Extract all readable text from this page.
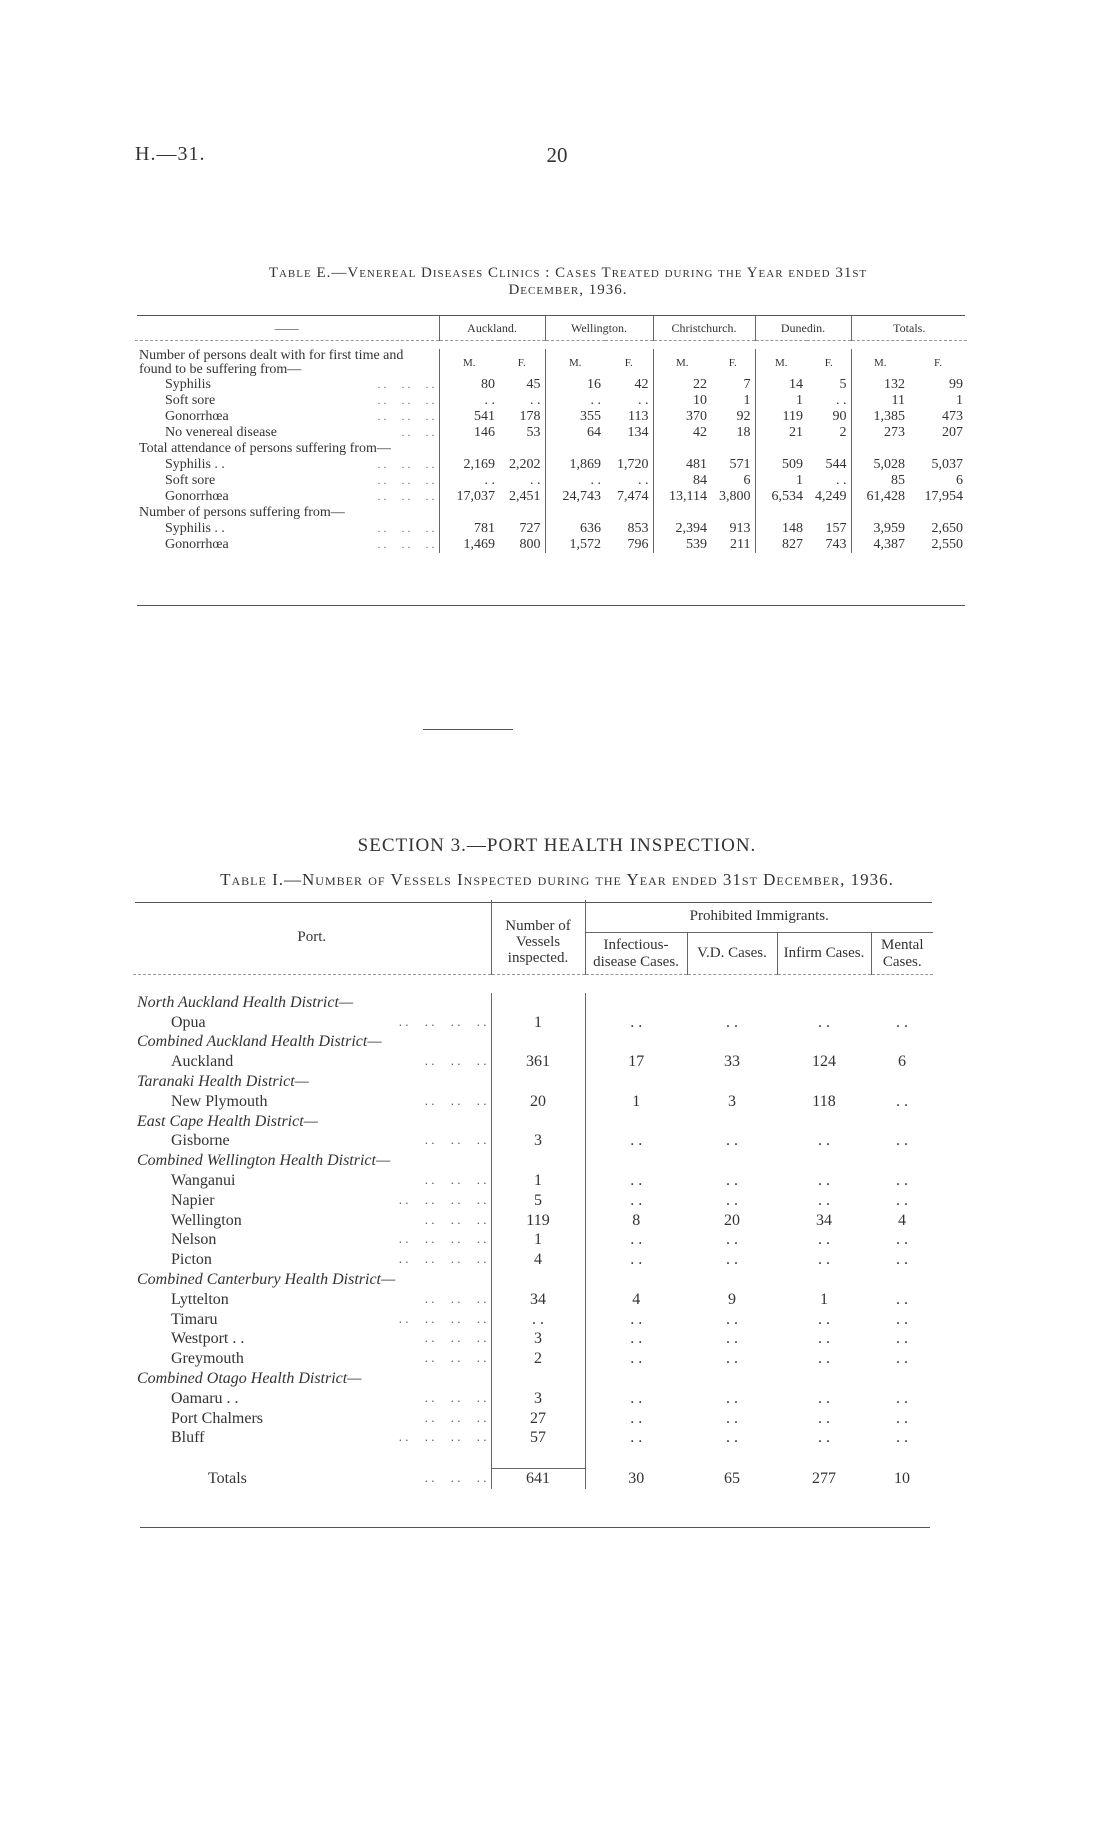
H.—31.	20
Table E.—Venereal Diseases Clinics : Cases Treated during the Year ended 31st
December, 1936.
——	Auckland.		Wellington.		Christchurch.		Dunedin.		Totals.	

Number of persons dealt with for first time and found to be suffering from—	M.	F.	M.	F.	M.	F.	M.	F.	M.	F.
Syphilis . .     . .     . .	80	45	16	42	22	7	14	5	132	99
Soft sore . .     . .     . .	. .	. .	. .	. .	10	1	1	. .	11	1
Gonorrhœa . .     . .     . .	541	178	355	113	370	92	119	90	1,385	473
No venereal disease . .     . .	146	53	64	134	42	18	21	2	273	207
Total attendance of persons suffering from—										
Syphilis . . . .     . .     . .	2,169	2,202	1,869	1,720	481	571	509	544	5,028	5,037
Soft sore . .     . .     . .	. .	. .	. .	. .	84	6	1	. .	85	6
Gonorrhœa . .     . .     . .	17,037	2,451	24,743	7,474	13,114	3,800	6,534	4,249	61,428	17,954
Number of persons suffering from—										
Syphilis . . . .     . .     . .	781	727	636	853	2,394	913	148	157	3,959	2,650
Gonorrhœa . .     . .     . .	1,469	800	1,572	796	539	211	827	743	4,387	2,550
SECTION 3.—PORT HEALTH INSPECTION.
Table I.—Number of Vessels Inspected during the Year ended 31st December, 1936.
Port.	Number of Vessels inspected.	Prohibited Immigrants.			
		Infectious-disease Cases.	V.D. Cases.	Infirm Cases.	Mental Cases.

North Auckland Health District—					
Opua . .     . .     . .     . .	1	. .	. .	. .	. .
Combined Auckland Health District—					
Auckland . .     . .     . .	361	17	33	124	6
Taranaki Health District—					
New Plymouth . .     . .     . .	20	1	3	118	. .
East Cape Health District—					
Gisborne . .     . .     . .	3	. .	. .	. .	. .
Combined Wellington Health District—					
Wanganui . .     . .     . .	1	. .	. .	. .	. .
Napier . .     . .     . .     . .	5	. .	. .	. .	. .
Wellington . .     . .     . .	119	8	20	34	4
Nelson . .     . .     . .     . .	1	. .	. .	. .	. .
Picton . .     . .     . .     . .	4	. .	. .	. .	. .
Combined Canterbury Health District—					
Lyttelton . .     . .     . .	34	4	9	1	. .
Timaru . .     . .     . .     . .	. .	. .	. .	. .	. .
Westport . . . .     . .     . .	3	. .	. .	. .	. .
Greymouth . .     . .     . .	2	. .	. .	. .	. .
Combined Otago Health District—					
Oamaru . . . .     . .     . .	3	. .	. .	. .	. .
Port Chalmers . .     . .     . .	27	. .	. .	. .	. .
Bluff . .     . .     . .     . .	57	. .	. .	. .	. .

Totals . .     . .     . .	641	30	65	277	10
